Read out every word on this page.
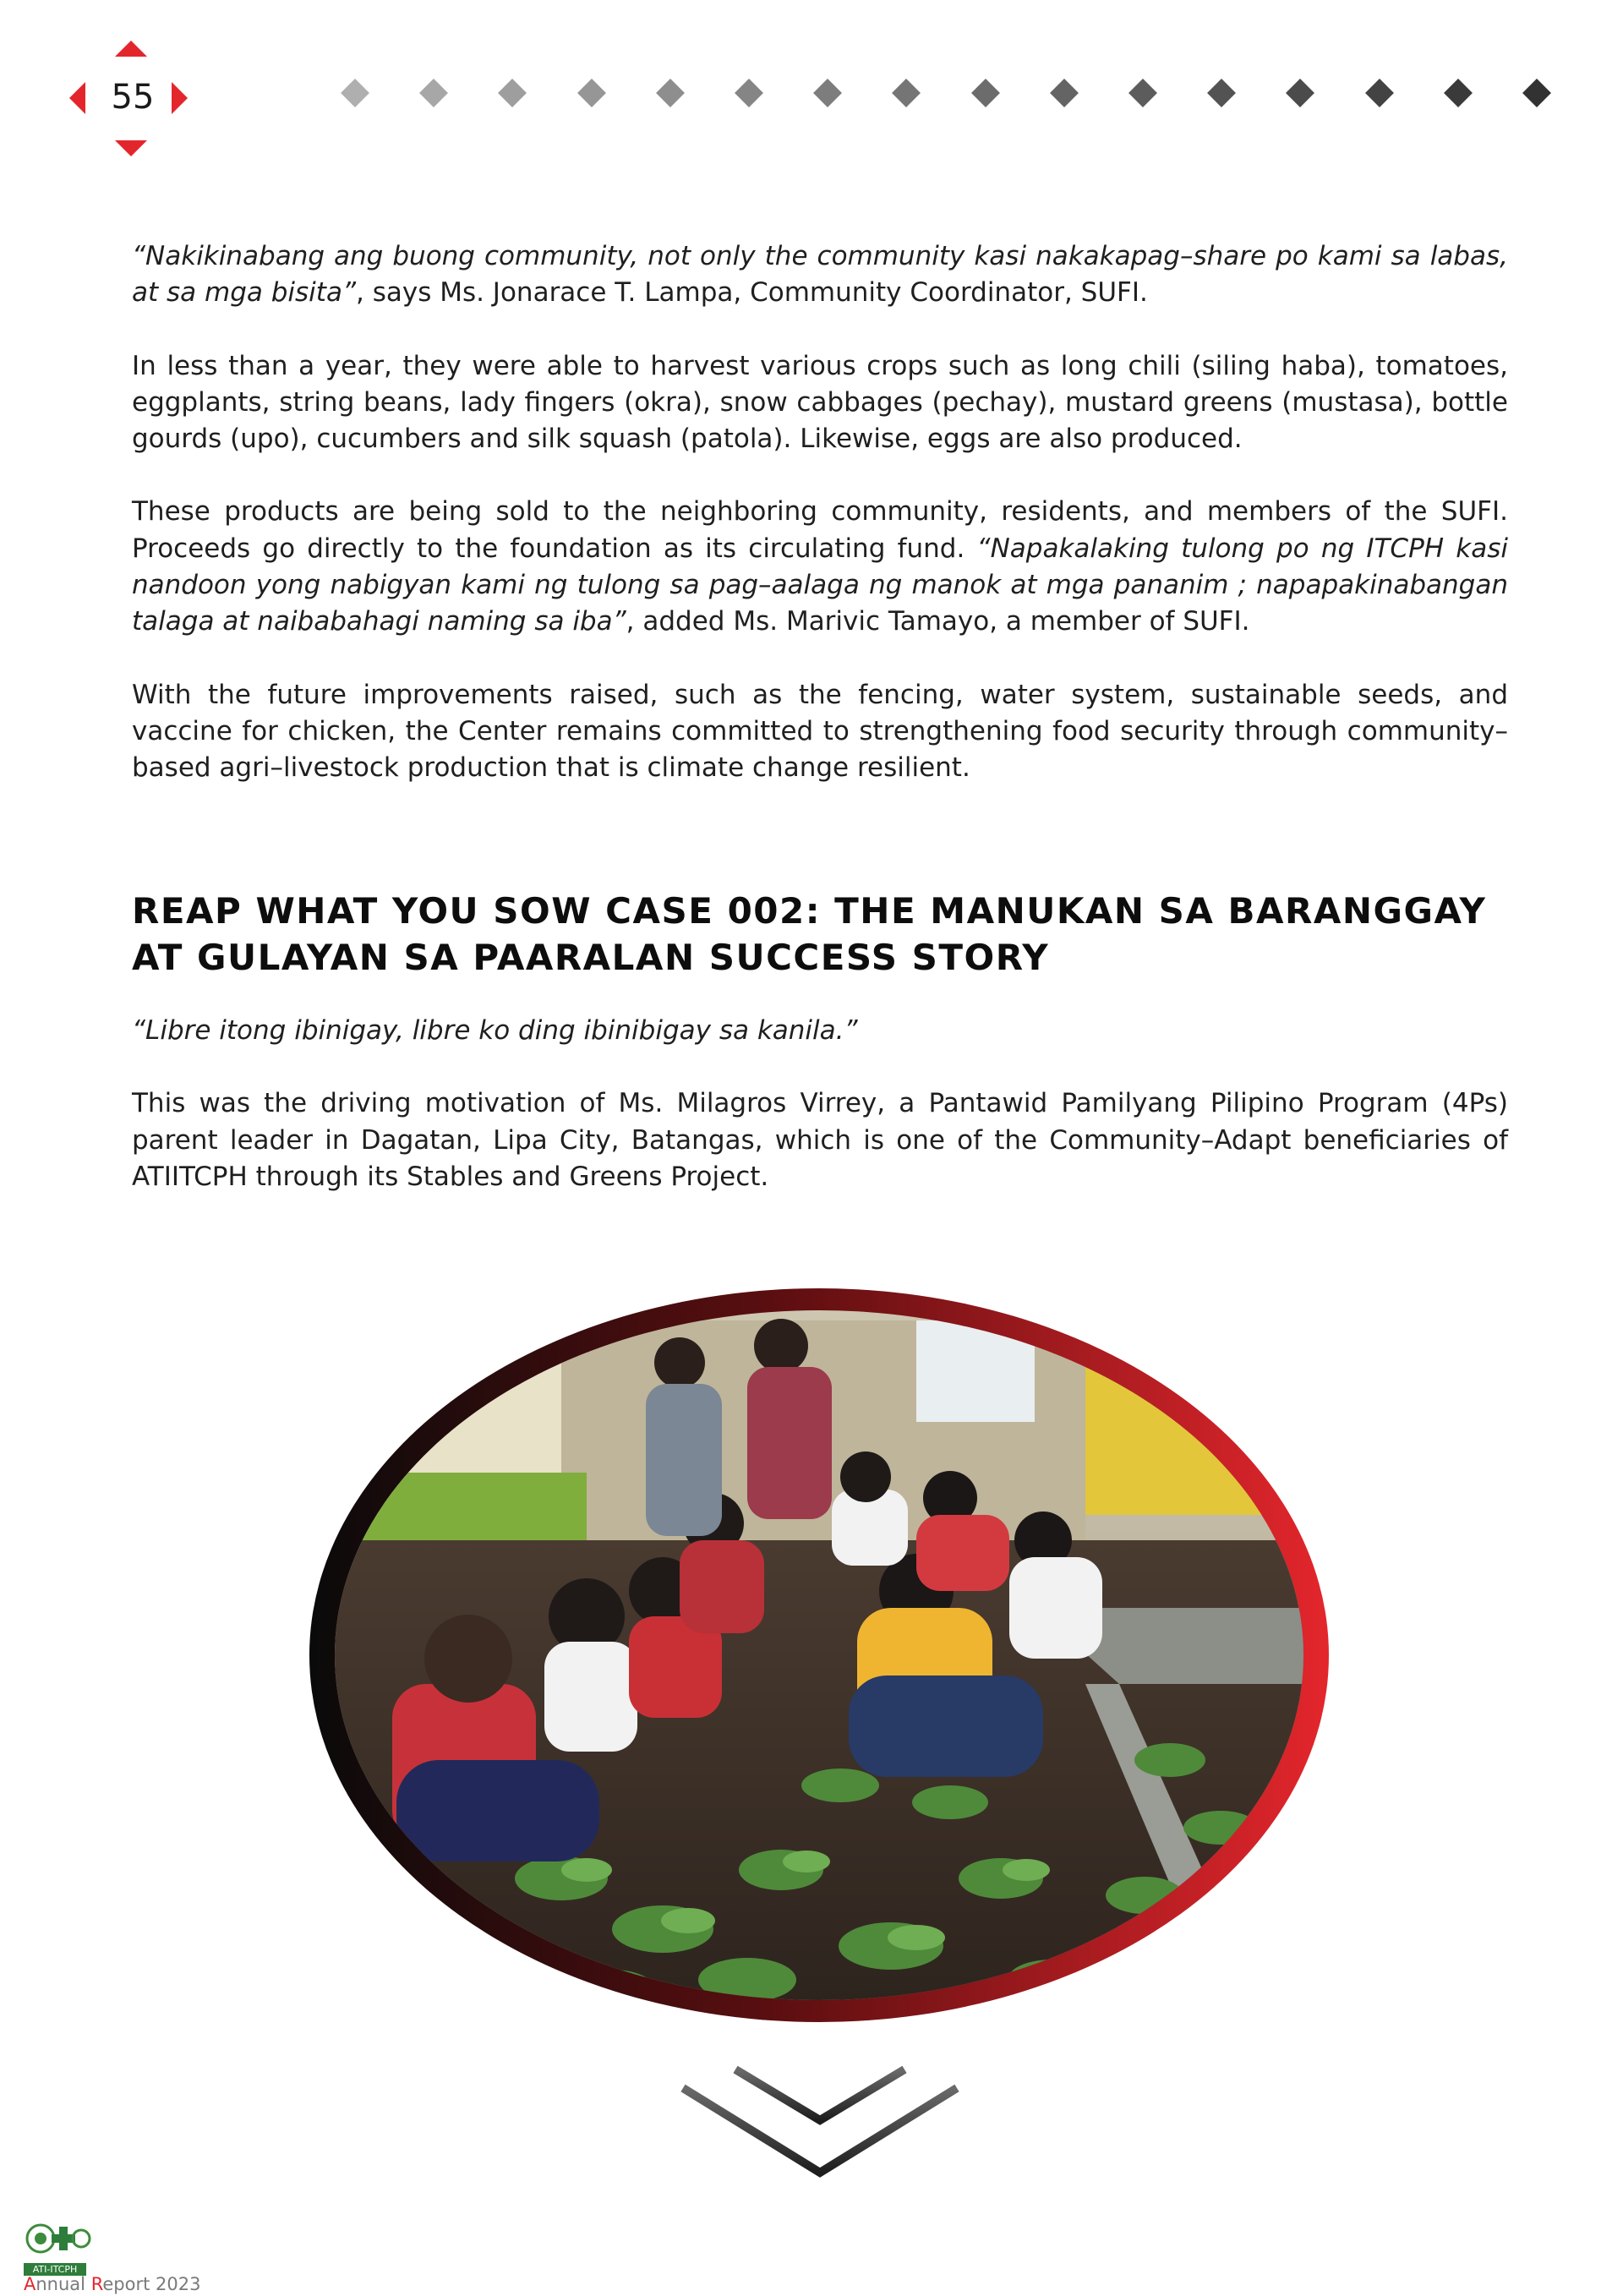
55

“Nakikinabang ang buong community, not only the community kasi nakakapag–share po kami sa labas, at sa mga bisita”, says Ms. Jonarace T. Lampa, Community Coordinator, SUFI.

In less than a year, they were able to harvest various crops such as long chili (siling haba), tomatoes, eggplants, string beans, lady fingers (okra), snow cabbages (pechay), mustard greens (mustasa), bottle gourds (upo), cucumbers and silk squash (patola). Likewise, eggs are also produced.

These products are being sold to the neighboring community, residents, and members of the SUFI. Proceeds go directly to the foundation as its circulating fund. “Napakalaking tulong po ng ITCPH kasi nandoon yong nabigyan kami ng tulong sa pag–aalaga ng manok at mga pananim ; napapakinabangan talaga at naibabahagi naming sa iba”, added Ms. Marivic Tamayo, a member of SUFI.

With the future improvements raised, such as the fencing, water system, sustainable seeds, and vaccine for chicken, the Center remains committed to strengthening food security through community–based agri–livestock production that is climate change resilient.

REAP WHAT YOU SOW CASE 002: THE MANUKAN SA BARANGGAY AT GULAYAN SA PAARALAN SUCCESS STORY

“Libre itong ibinigay, libre ko ding ibinibigay sa kanila.”

This was the driving motivation of Ms. Milagros Virrey, a Pantawid Pamilyang Pilipino Program (4Ps) parent leader in Dagatan, Lipa City, Batangas, which is one of the Community–Adapt beneficiaries of ATIITCPH through its Stables and Greens Project.

ATI-ITCPH
Annual Report 2023
